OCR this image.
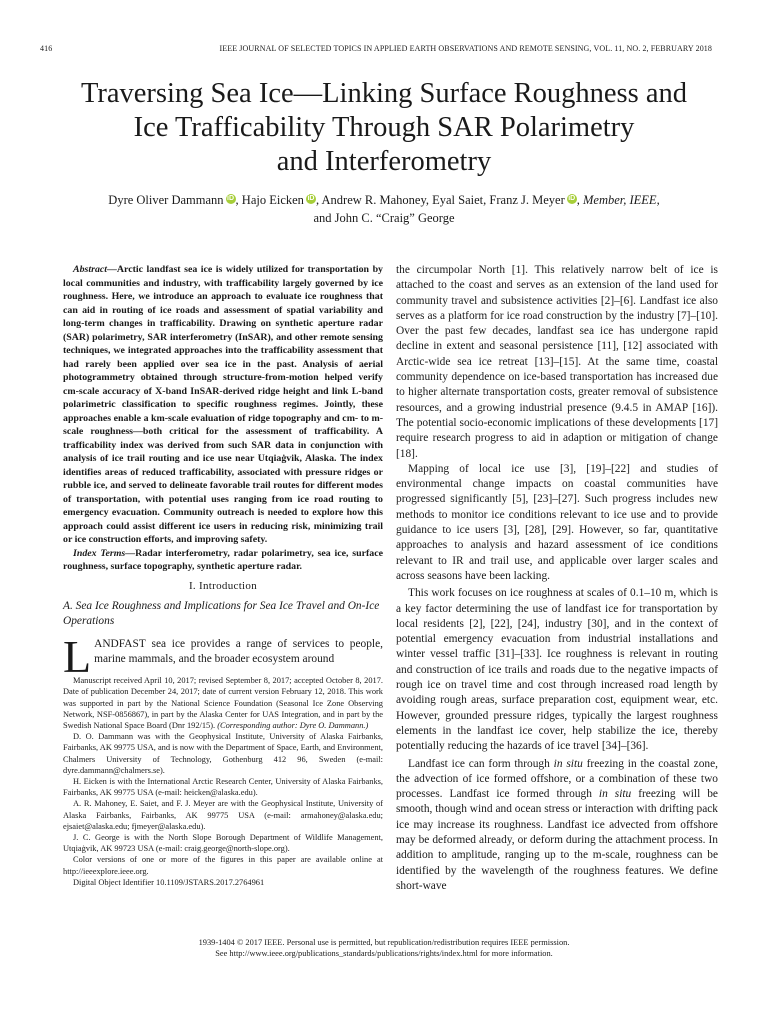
416	IEEE JOURNAL OF SELECTED TOPICS IN APPLIED EARTH OBSERVATIONS AND REMOTE SENSING, VOL. 11, NO. 2, FEBRUARY 2018
Traversing Sea Ice—Linking Surface Roughness and
Ice Trafficability Through SAR Polarimetry
and Interferometry
Dyre Oliver Dammann iD , Hajo Eicken iD , Andrew R. Mahoney, Eyal Saiet, Franz J. Meyer iD , Member, IEEE,
and John C. “Craig” George

Abstract—Arctic landfast sea ice is widely utilized for transportation by local communities and industry, with trafficability largely governed by ice roughness. Here, we introduce an approach to evaluate ice roughness that can aid in routing of ice roads and assessment of spatial variability and long-term changes in trafficability. Drawing on synthetic aperture radar (SAR) polarimetry, SAR interferometry (InSAR), and other remote sensing techniques, we integrated approaches into the trafficability assessment that had rarely been applied over sea ice in the past. Analysis of aerial photogrammetry obtained through structure-from-motion helped verify cm-scale accuracy of X-band InSAR-derived ridge height and link L-band polarimetric classification to specific roughness regimes. Jointly, these approaches enable a km-scale evaluation of ridge topography and cm- to m-scale roughness—both critical for the assessment of trafficability. A trafficability index was derived from such SAR data in conjunction with analysis of ice trail routing and ice use near Utqiaġvik, Alaska. The index identifies areas of reduced trafficability, associated with pressure ridges or rubble ice, and served to delineate favorable trail routes for different modes of transportation, with potential uses ranging from ice road routing to emergency evacuation. Community outreach is needed to explore how this approach could assist different ice users in reducing risk, minimizing trail or ice construction efforts, and improving safety.

Index Terms—Radar interferometry, radar polarimetry, sea ice, surface roughness, surface topography, synthetic aperture radar.

I. Introduction

A. Sea Ice Roughness and Implications for Sea Ice Travel and On-Ice Operations

LANDFAST sea ice provides a range of services to people, marine mammals, and the broader ecosystem around

Manuscript received April 10, 2017; revised September 8, 2017; accepted October 8, 2017. Date of publication December 24, 2017; date of current version February 12, 2018. This work was supported in part by the National Science Foundation (Seasonal Ice Zone Observing Network, NSF-0856867), in part by the Alaska Center for UAS Integration, and in part by the Swedish National Space Board (Dnr 192/15). (Corresponding author: Dyre O. Dammann.)

D. O. Dammann was with the Geophysical Institute, University of Alaska Fairbanks, Fairbanks, AK 99775 USA, and is now with the Department of Space, Earth, and Environment, Chalmers University of Technology, Gothenburg 412 96, Sweden (e-mail: dyre.dammann@chalmers.se).

H. Eicken is with the International Arctic Research Center, University of Alaska Fairbanks, Fairbanks, AK 99775 USA (e-mail: heicken@alaska.edu).

A. R. Mahoney, E. Saiet, and F. J. Meyer are with the Geophysical Institute, University of Alaska Fairbanks, Fairbanks, AK 99775 USA (e-mail: armahoney@alaska.edu; ejsaiet@alaska.edu; fjmeyer@alaska.edu).

J. C. George is with the North Slope Borough Department of Wildlife Management, Utqiaġvik, AK 99723 USA (e-mail: craig.george@north-slope.org).

Color versions of one or more of the figures in this paper are available online at http://ieeexplore.ieee.org.

Digital Object Identifier 10.1109/JSTARS.2017.2764961

the circumpolar North [1]. This relatively narrow belt of ice is attached to the coast and serves as an extension of the land used for community travel and subsistence activities [2]–[6]. Landfast ice also serves as a platform for ice road construction by the industry [7]–[10]. Over the past few decades, landfast sea ice has undergone rapid decline in extent and seasonal persistence [11], [12] associated with Arctic-wide sea ice retreat [13]–[15]. At the same time, coastal community dependence on ice-based transportation has increased due to higher alternate transportation costs, greater removal of subsistence resources, and a growing industrial presence (9.4.5 in AMAP [16]). The potential socio-economic implications of these developments [17] require research progress to aid in adaption or mitigation of change [18].

Mapping of local ice use [3], [19]–[22] and studies of environmental change impacts on coastal communities have progressed significantly [5], [23]–[27]. Such progress includes new methods to monitor ice conditions relevant to ice use and to provide guidance to ice users [3], [28], [29]. However, so far, quantitative approaches to analysis and hazard assessment of ice conditions relevant to IR and trail use, and applicable over larger scales and across seasons have been lacking.

This work focuses on ice roughness at scales of 0.1–10 m, which is a key factor determining the use of landfast ice for transportation by local residents [2], [22], [24], industry [30], and in the context of potential emergency evacuation from industrial installations and winter vessel traffic [31]–[33]. Ice roughness is relevant in routing and construction of ice trails and roads due to the negative impacts of rough ice on travel time and cost through increased road length by avoiding rough areas, surface preparation cost, equipment wear, etc. However, grounded pressure ridges, typically the largest roughness elements in the landfast ice cover, help stabilize the ice, thereby potentially reducing the hazards of ice travel [34]–[36].

Landfast ice can form through in situ freezing in the coastal zone, the advection of ice formed offshore, or a combination of these two processes. Landfast ice formed through in situ freezing will be smooth, though wind and ocean stress or interaction with drifting pack ice may increase its roughness. Landfast ice advected from offshore may be deformed already, or deform during the attachment process. In addition to amplitude, ranging up to the m-scale, roughness can be identified by the wavelength of the roughness features. We define short-wave

1939-1404 © 2017 IEEE. Personal use is permitted, but republication/redistribution requires IEEE permission.
See http://www.ieee.org/publications_standards/publications/rights/index.html for more information.
